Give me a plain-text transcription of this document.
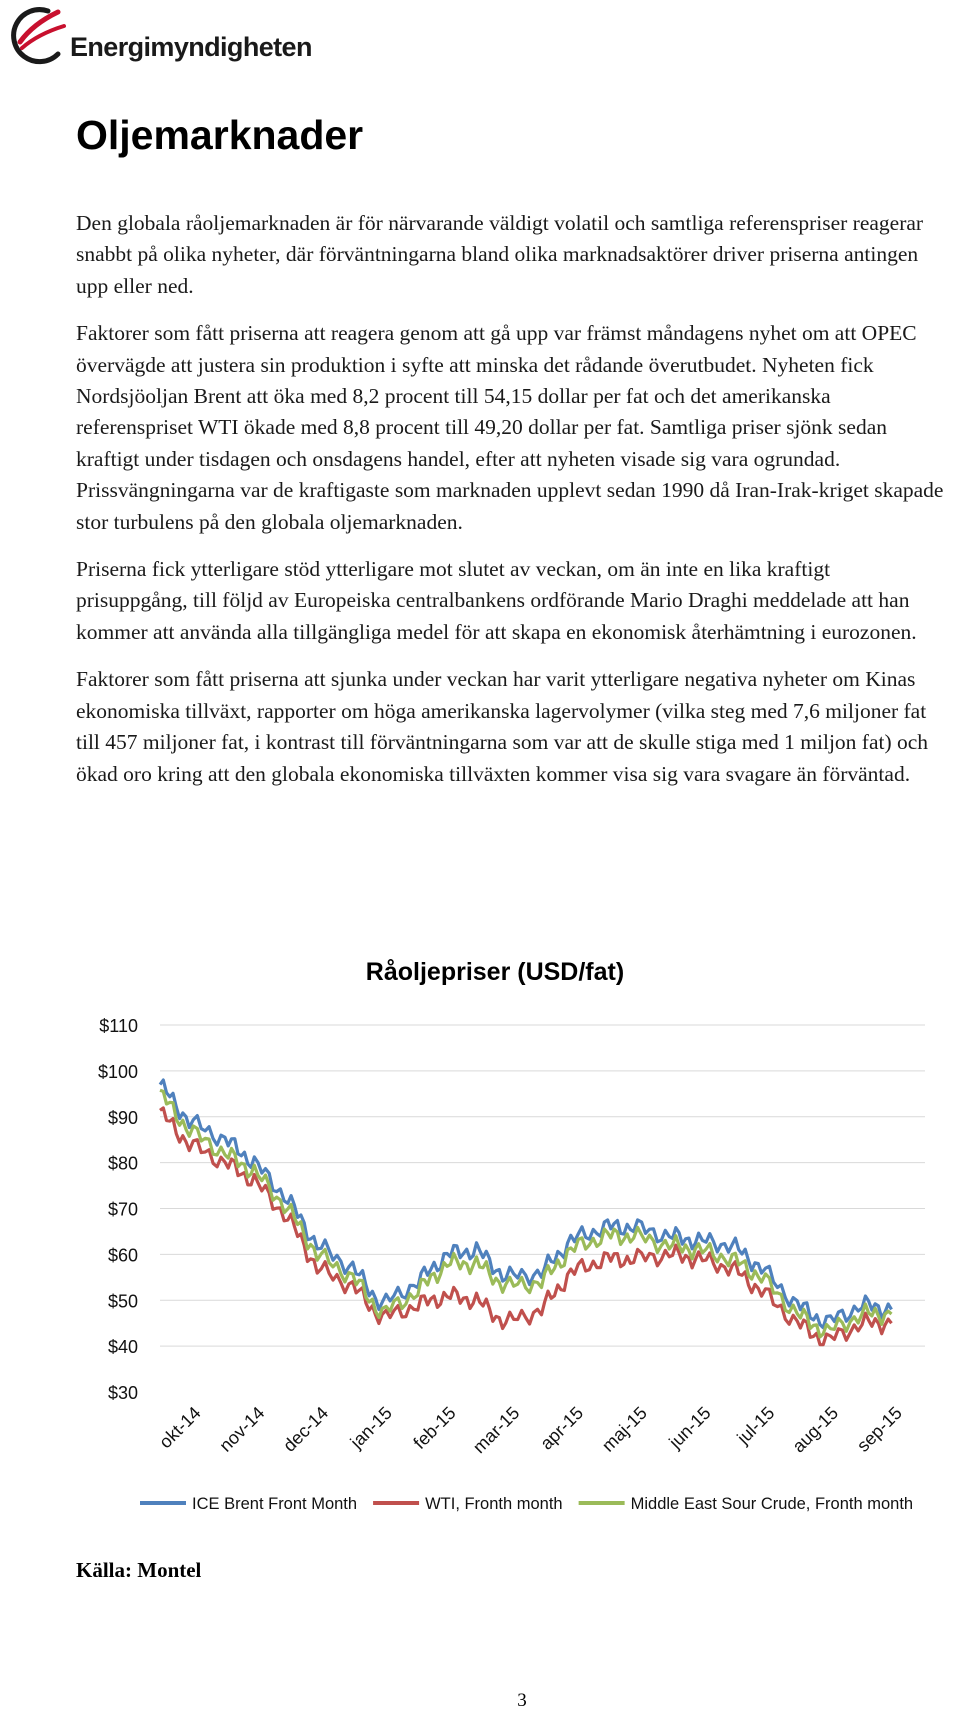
Energimyndigheten
Oljemarknader

Den globala råoljemarknaden är för närvarande väldigt volatil och samtliga referenspriser reagerar snabbt på olika nyheter, där förväntningarna bland olika marknadsaktörer driver priserna antingen upp eller ned.

Faktorer som fått priserna att reagera genom att gå upp var främst måndagens nyhet om att OPEC övervägde att justera sin produktion i syfte att minska det rådande överutbudet. Nyheten fick Nordsjöoljan Brent att öka med 8,2 procent till 54,15 dollar per fat och det amerikanska referenspriset WTI ökade med 8,8 procent till 49,20 dollar per fat. Samtliga priser sjönk sedan kraftigt under tisdagen och onsdagens handel, efter att nyheten visade sig vara ogrundad. Prissvängningarna var de kraftigaste som marknaden upplevt sedan 1990 då Iran-Irak-kriget skapade stor turbulens på den globala oljemarknaden.

Priserna fick ytterligare stöd ytterligare mot slutet av veckan, om än inte en lika kraftigt prisuppgång, till följd av Europeiska centralbankens ordförande Mario Draghi meddelade att han kommer att använda alla tillgängliga medel för att skapa en ekonomisk återhämtning i eurozonen.

Faktorer som fått priserna att sjunka under veckan har varit ytterligare negativa nyheter om Kinas ekonomiska tillväxt, rapporter om höga amerikanska lagervolymer (vilka steg med 7,6 miljoner fat till 457 miljoner fat, i kontrast till förväntningarna som var att de skulle stiga med 1 miljon fat) och ökad oro kring att den globala ekonomiska tillväxten kommer visa sig vara svagare än förväntad.

Råoljepriser (USD/fat)
$30
$40
$50
$60
$70
$80
$90
$100
$110
okt-14 nov-14 dec-14 jan-15 feb-15 mar-15 apr-15 maj-15 jun-15 jul-15 aug-15 sep-15
ICE Brent Front Month	WTI, Fronth month	Middle East Sour Crude, Fronth month
Källa: Montel
3
